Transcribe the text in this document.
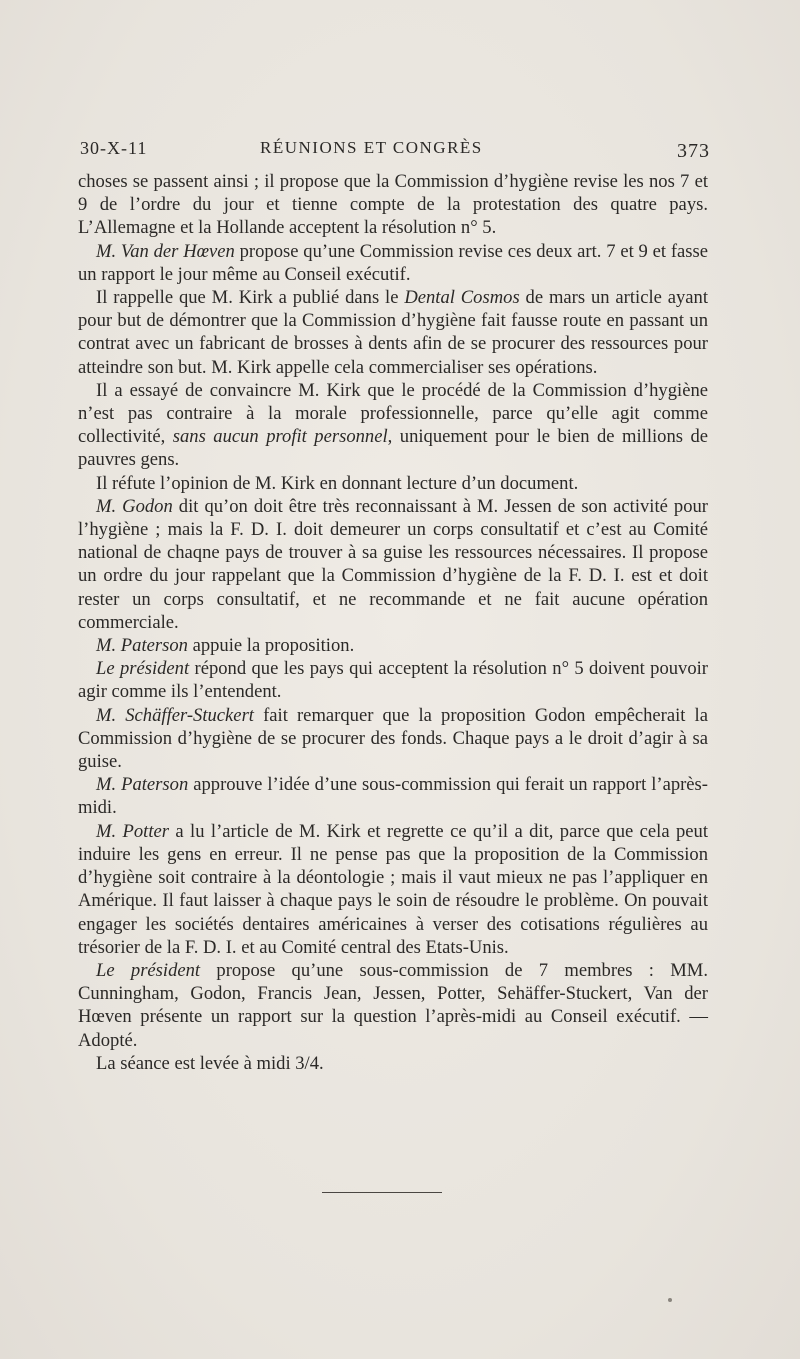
30-X-11	RÉUNIONS ET CONGRÈS	373

choses se passent ainsi ; il propose que la Commission d’hygiène revise les nos 7 et 9 de l’ordre du jour et tienne compte de la protestation des quatre pays. L’Allemagne et la Hollande acceptent la résolution n° 5.

M. Van der Hœven propose qu’une Commission revise ces deux art. 7 et 9 et fasse un rapport le jour même au Conseil exécutif.

Il rappelle que M. Kirk a publié dans le Dental Cosmos de mars un article ayant pour but de démontrer que la Commission d’hygiène fait fausse route en passant un contrat avec un fabricant de brosses à dents afin de se procurer des ressources pour atteindre son but. M. Kirk appelle cela commercialiser ses opérations.

Il a essayé de convaincre M. Kirk que le procédé de la Commission d’hygiène n’est pas contraire à la morale professionnelle, parce qu’elle agit comme collectivité, sans aucun profit personnel, uniquement pour le bien de millions de pauvres gens.

Il réfute l’opinion de M. Kirk en donnant lecture d’un document.

M. Godon dit qu’on doit être très reconnaissant à M. Jessen de son activité pour l’hygiène ; mais la F. D. I. doit demeurer un corps consultatif et c’est au Comité national de chaqne pays de trouver à sa guise les ressources nécessaires. Il propose un ordre du jour rappelant que la Commission d’hygiène de la F. D. I. est et doit rester un corps consultatif, et ne recommande et ne fait aucune opération commerciale.

M. Paterson appuie la proposition.

Le président répond que les pays qui acceptent la résolution n° 5 doivent pouvoir agir comme ils l’entendent.

M. Schäffer-Stuckert fait remarquer que la proposition Godon empêcherait la Commission d’hygiène de se procurer des fonds. Chaque pays a le droit d’agir à sa guise.

M. Paterson approuve l’idée d’une sous-commission qui ferait un rapport l’après-midi.

M. Potter a lu l’article de M. Kirk et regrette ce qu’il a dit, parce que cela peut induire les gens en erreur. Il ne pense pas que la proposition de la Commission d’hygiène soit contraire à la déontologie ; mais il vaut mieux ne pas l’appliquer en Amérique. Il faut laisser à chaque pays le soin de résoudre le problème. On pouvait engager les sociétés dentaires américaines à verser des cotisations régulières au trésorier de la F. D. I. et au Comité central des Etats-Unis.

Le président propose qu’une sous-commission de 7 membres : MM. Cunningham, Godon, Francis Jean, Jessen, Potter, Sehäffer-Stuckert, Van der Hœven présente un rapport sur la question l’après-midi au Conseil exécutif. — Adopté.

La séance est levée à midi 3/4.
